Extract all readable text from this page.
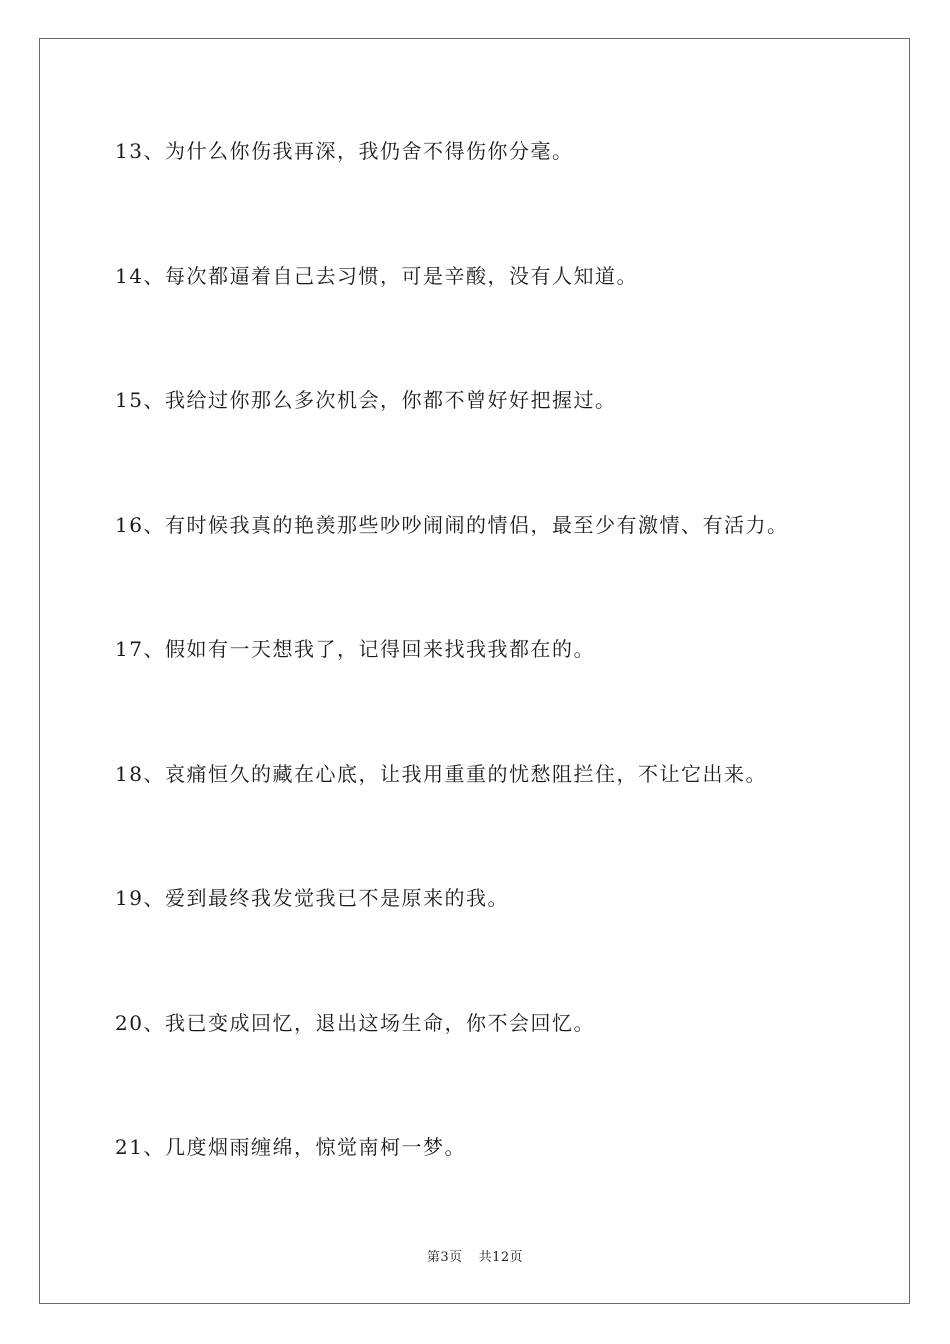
13、为什么你伤我再深，我仍舍不得伤你分毫。
14、每次都逼着自己去习惯，可是辛酸，没有人知道。
15、我给过你那么多次机会，你都不曾好好把握过。
16、有时候我真的艳羡那些吵吵闹闹的情侣，最至少有激情、有活力。
17、假如有一天想我了，记得回来找我我都在的。
18、哀痛恒久的藏在心底，让我用重重的忧愁阻拦住，不让它出来。
19、爱到最终我发觉我已不是原来的我。
20、我已变成回忆，退出这场生命，你不会回忆。
21、几度烟雨缠绵，惊觉南柯一梦。
第3页 共12页
